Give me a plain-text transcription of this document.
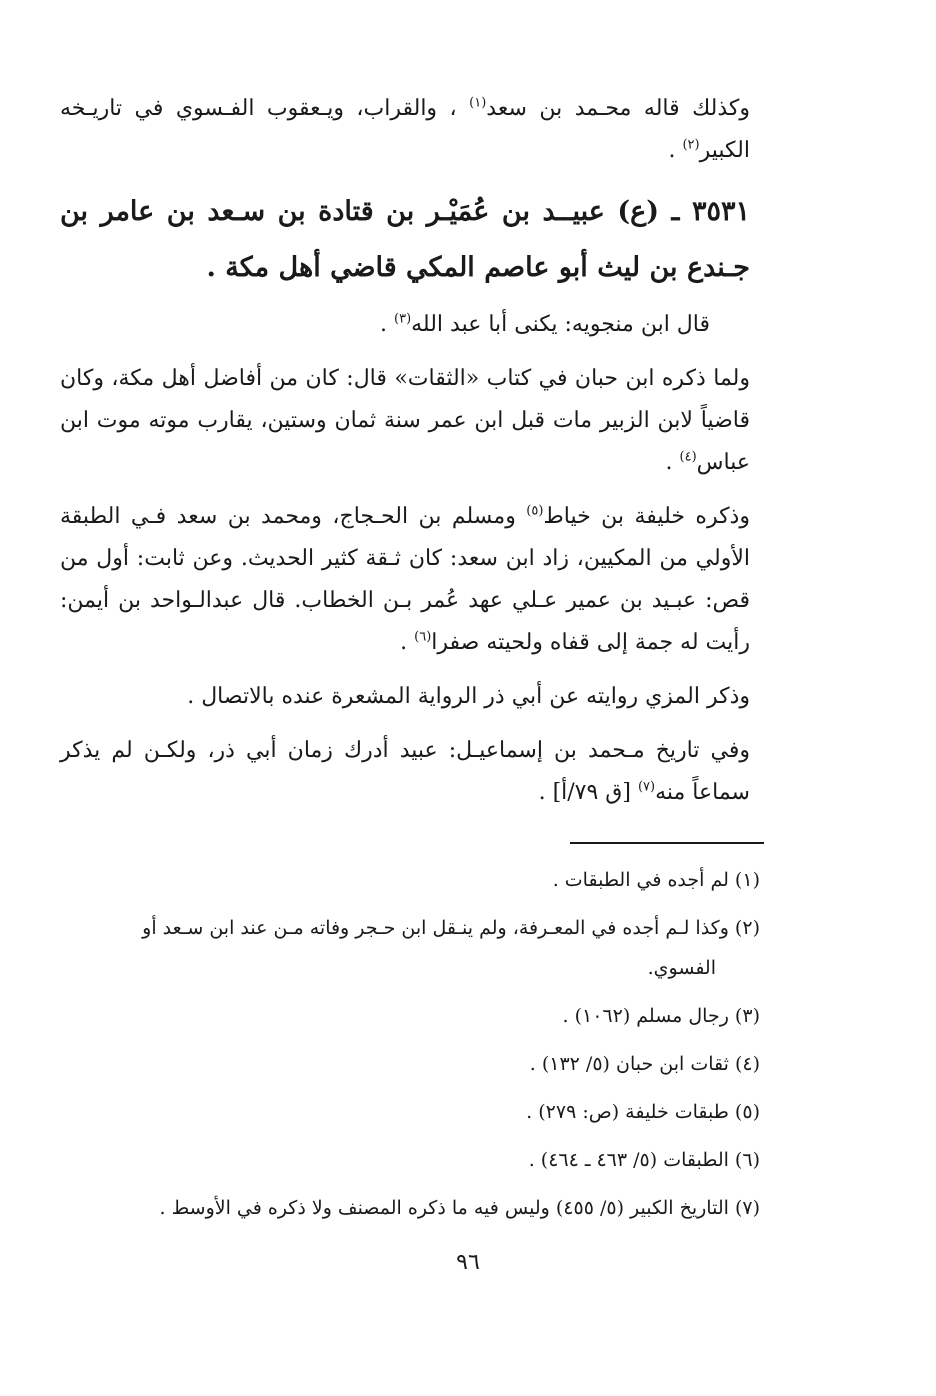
وكذلك قاله محـمد بن سعد$^{(١)}$ ، والقراب، ويـعقوب الفـسوي في تاريـخه الكبير$^{(٢)}$ .

٣٥٣١ ـ (ع) عبيــد بن عُمَيْـر بن قتادة بن سـعد بن عامر بن جـندع بن ليث أبو عاصم المكي قاضي أهل مكة .

قال ابن منجويه: يكنى أبا عبد الله$^{(٣)}$ .

ولما ذكره ابن حبان في كتاب «الثقات» قال: كان من أفاضل أهل مكة، وكان قاضياً لابن الزبير مات قبل ابن عمر سنة ثمان وستين، يقارب موته موت ابن عباس$^{(٤)}$ .

وذكره خليفة بن خياط$^{(٥)}$ ومسلم بن الحـجاج، ومحمد بن سعد فـي الطبقة الأولي من المكيين، زاد ابن سعد: كان ثـقة كثير الحديث. وعن ثابت: أول من قص: عبـيد بن عمير عـلي عهد عُمر بـن الخطاب. قال عبدالـواحد بن أيمن: رأيت له جمة إلى قفاه ولحيته صفرا$^{(٦)}$ .

وذكر المزي روايته عن أبي ذر الرواية المشعرة عنده بالاتصال .

وفي تاريخ مـحمد بن إسماعيـل: عبيد أدرك زمان أبي ذر، ولكـن لم يذكر سماعاً منه$^{(٧)}$ [ق ٧٩/أ] .

(١) لم أجده في الطبقات .
(٢) وكذا لـم أجده في المعـرفة، ولم ينـقل ابن حـجر وفاته مـن عند ابن سـعد أو
الفسوي.
(٣) رجال مسلم (١٠٦٢) .
(٤) ثقات ابن حبان (٥/ ١٣٢) .
(٥) طبقات خليفة (ص: ٢٧٩) .
(٦) الطبقات (٥/ ٤٦٣ ـ ٤٦٤) .
(٧) التاريخ الكبير (٥/ ٤٥٥) وليس فيه ما ذكره المصنف ولا ذكره في الأوسط .
٩٦
